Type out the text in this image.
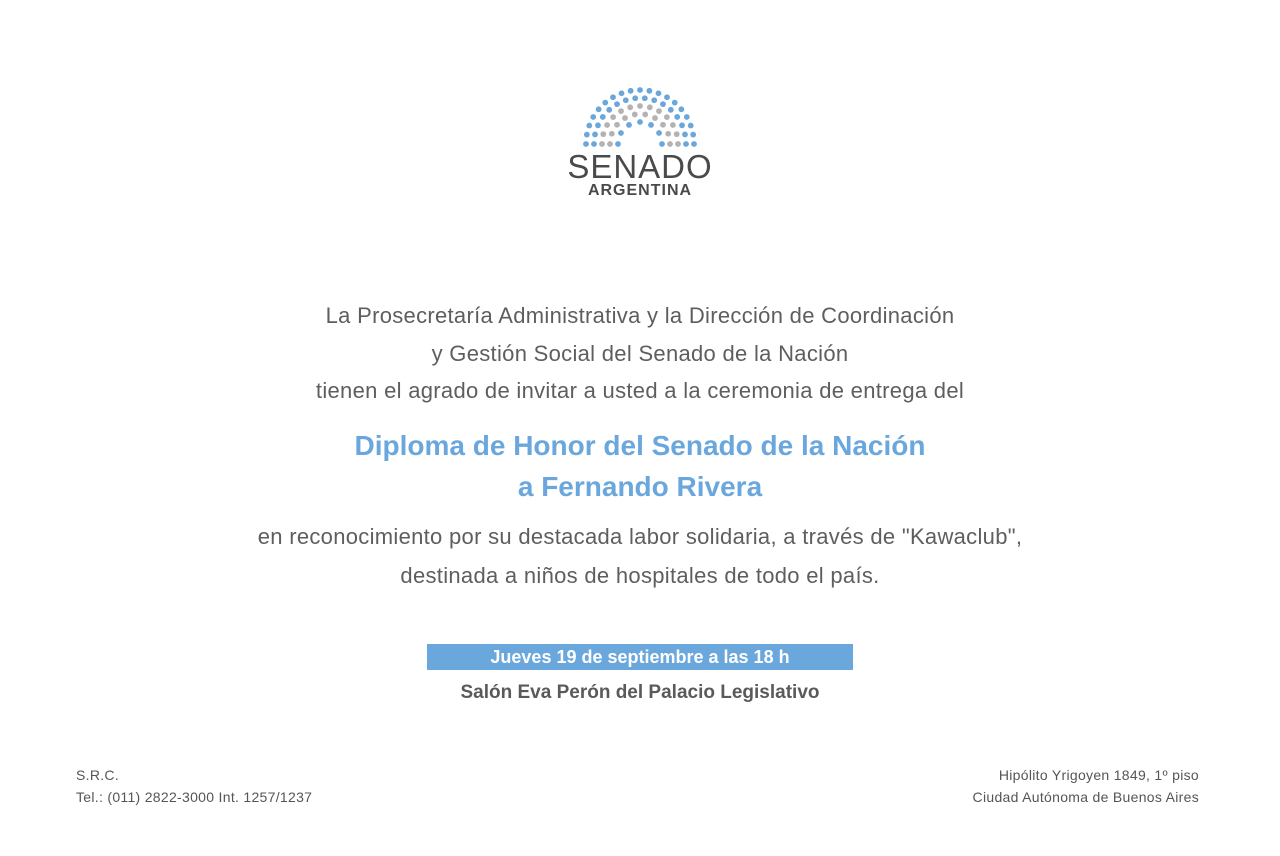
SENADO
ARGENTINA
La Prosecretaría Administrativa y la Dirección de Coordinación
y Gestión Social del Senado de la Nación
tienen el agrado de invitar a usted a la ceremonia de entrega del
Diploma de Honor del Senado de la Nación
a Fernando Rivera
en reconocimiento por su destacada labor solidaria, a través de "Kawaclub",
destinada a niños de hospitales de todo el país.
Jueves 19 de septiembre a las 18 h
Salón Eva Perón del Palacio Legislativo
S.R.C.
Tel.: (011) 2822-3000 Int. 1257/1237
Hipólito Yrigoyen 1849, 1º piso
Ciudad Autónoma de Buenos Aires
